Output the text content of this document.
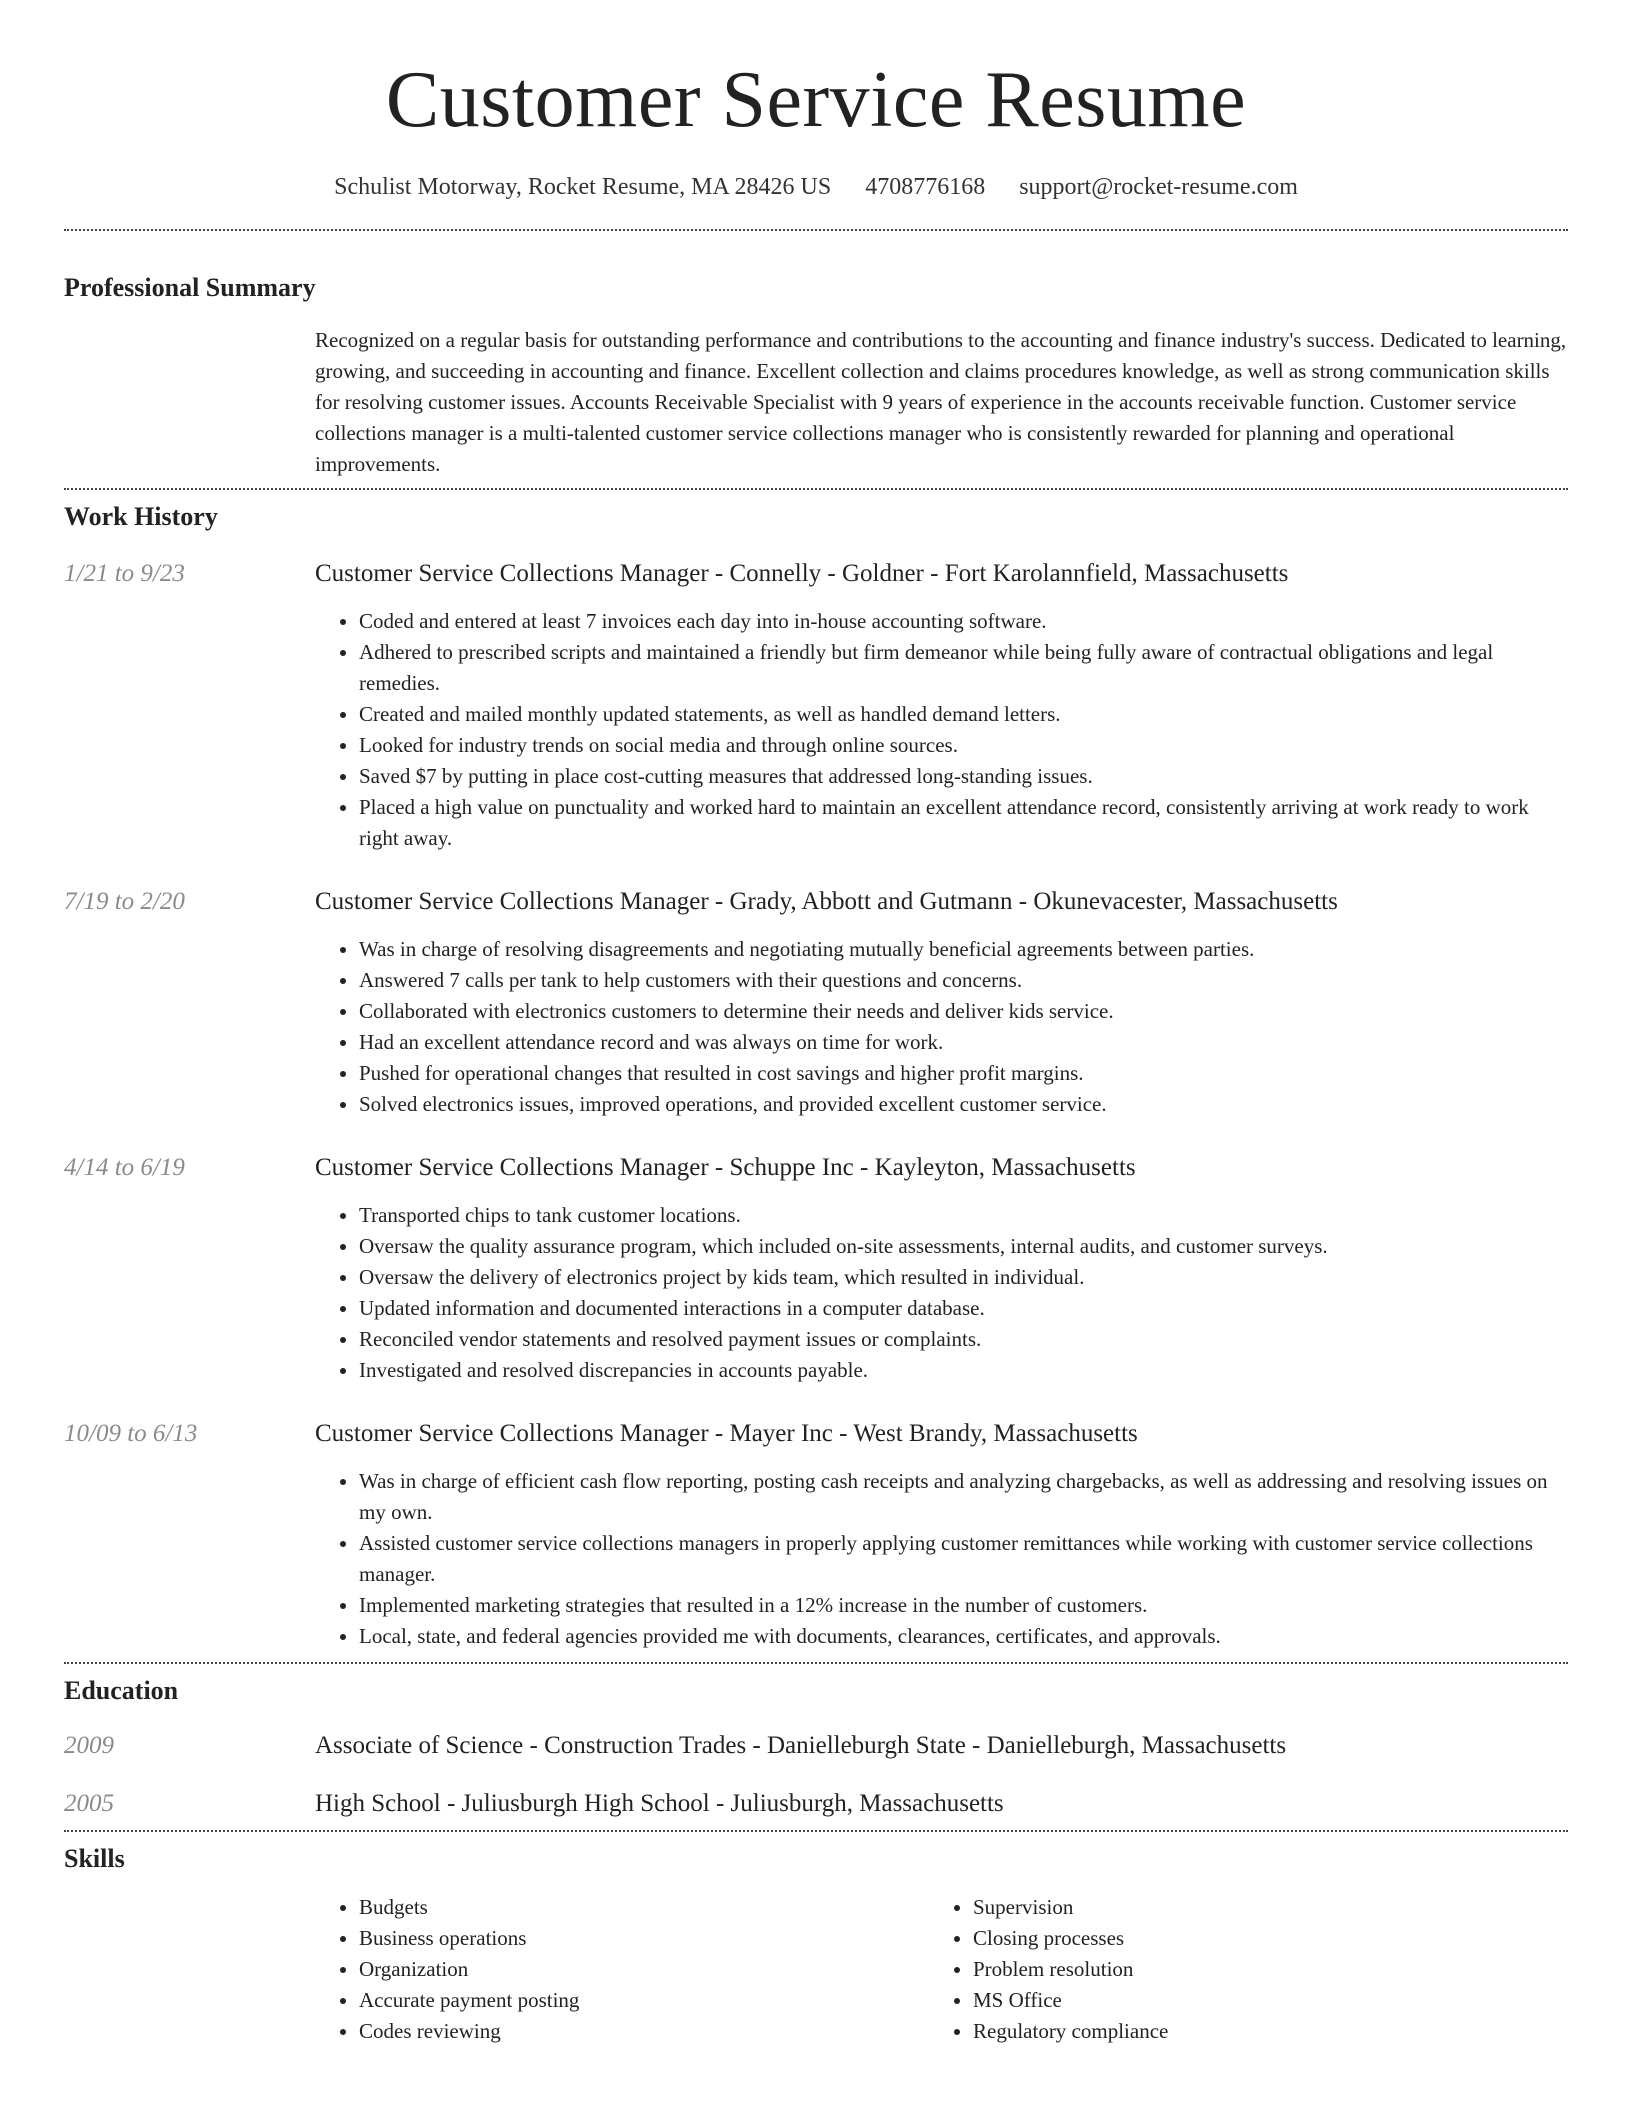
Customer Service Resume
Schulist Motorway, Rocket Resume, MA 28426 US 4708776168 support@rocket-resume.com
Professional Summary
Recognized on a regular basis for outstanding performance and contributions to the accounting and finance industry's success. Dedicated to learning, growing, and succeeding in accounting and finance. Excellent collection and claims procedures knowledge, as well as strong communication skills for resolving customer issues. Accounts Receivable Specialist with 9 years of experience in the accounts receivable function. Customer service collections manager is a multi-talented customer service collections manager who is consistently rewarded for planning and operational improvements.
Work History
1/21 to 9/23	Customer Service Collections Manager - Connelly - Goldner - Fort Karolannfield, Massachusetts
• Coded and entered at least 7 invoices each day into in-house accounting software.
• Adhered to prescribed scripts and maintained a friendly but firm demeanor while being fully aware of contractual obligations and legal remedies.
• Created and mailed monthly updated statements, as well as handled demand letters.
• Looked for industry trends on social media and through online sources.
• Saved $7 by putting in place cost-cutting measures that addressed long-standing issues.
• Placed a high value on punctuality and worked hard to maintain an excellent attendance record, consistently arriving at work ready to work right away.
7/19 to 2/20	Customer Service Collections Manager - Grady, Abbott and Gutmann - Okunevacester, Massachusetts
• Was in charge of resolving disagreements and negotiating mutually beneficial agreements between parties.
• Answered 7 calls per tank to help customers with their questions and concerns.
• Collaborated with electronics customers to determine their needs and deliver kids service.
• Had an excellent attendance record and was always on time for work.
• Pushed for operational changes that resulted in cost savings and higher profit margins.
• Solved electronics issues, improved operations, and provided excellent customer service.
4/14 to 6/19	Customer Service Collections Manager - Schuppe Inc - Kayleyton, Massachusetts
• Transported chips to tank customer locations.
• Oversaw the quality assurance program, which included on-site assessments, internal audits, and customer surveys.
• Oversaw the delivery of electronics project by kids team, which resulted in individual.
• Updated information and documented interactions in a computer database.
• Reconciled vendor statements and resolved payment issues or complaints.
• Investigated and resolved discrepancies in accounts payable.
10/09 to 6/13	Customer Service Collections Manager - Mayer Inc - West Brandy, Massachusetts
• Was in charge of efficient cash flow reporting, posting cash receipts and analyzing chargebacks, as well as addressing and resolving issues on my own.
• Assisted customer service collections managers in properly applying customer remittances while working with customer service collections manager.
• Implemented marketing strategies that resulted in a 12% increase in the number of customers.
• Local, state, and federal agencies provided me with documents, clearances, certificates, and approvals.
Education
2009	Associate of Science - Construction Trades - Danielleburgh State - Danielleburgh, Massachusetts
2005	High School - Juliusburgh High School - Juliusburgh, Massachusetts
Skills
• Budgets
• Business operations
• Organization
• Accurate payment posting
• Codes reviewing
• Supervision
• Closing processes
• Problem resolution
• MS Office
• Regulatory compliance
